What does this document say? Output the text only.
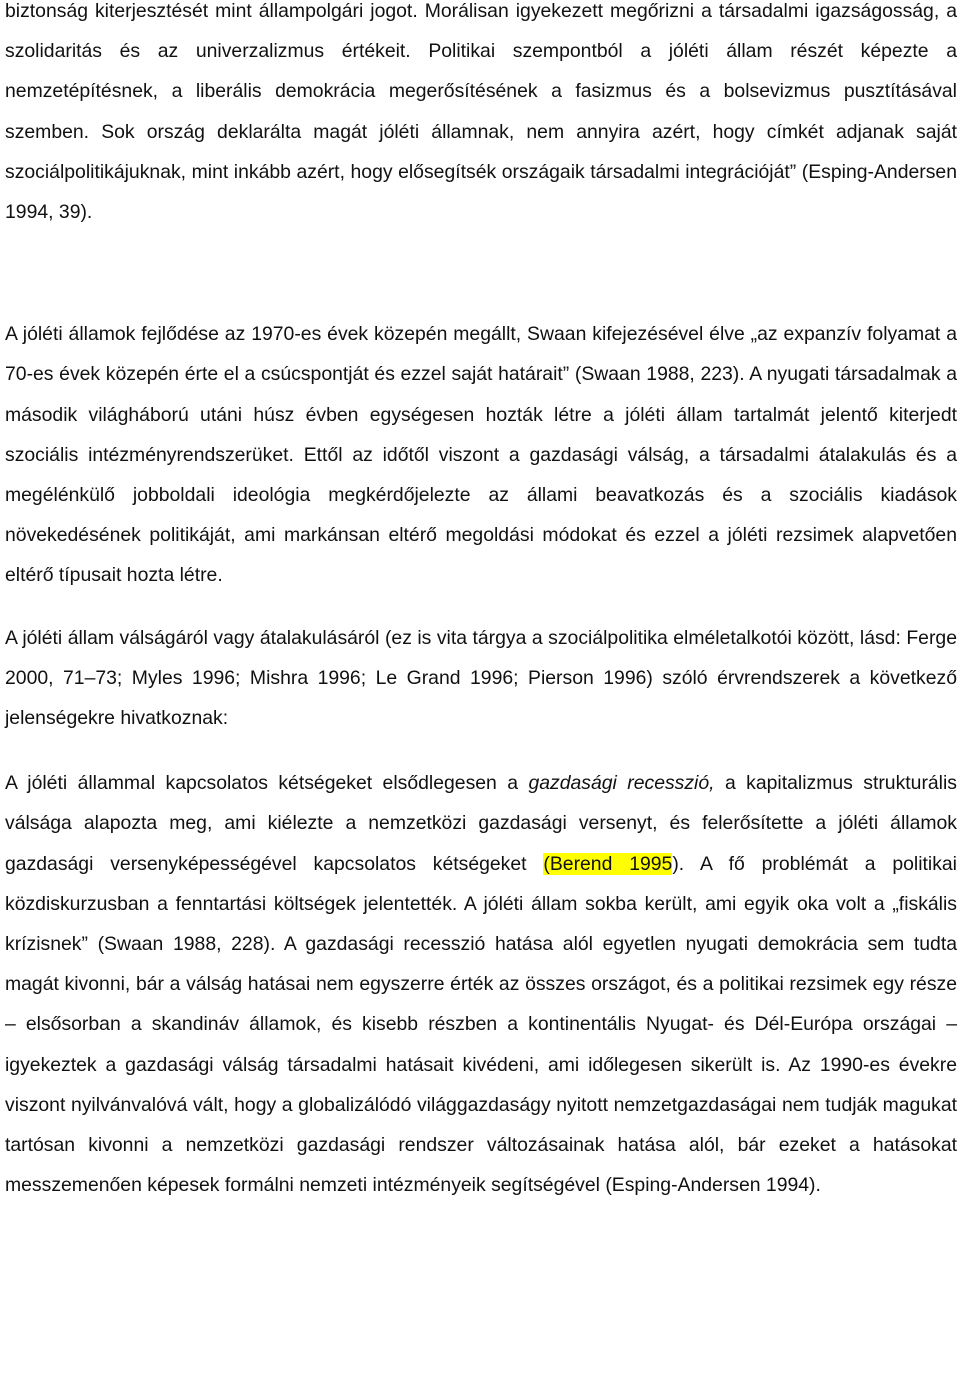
biztonság kiterjesztését mint állampolgári jogot. Morálisan igyekezett megőrizni a társadalmi igazságosság, a szolidaritás és az univerzalizmus értékeit. Politikai szempontból a jóléti állam részét képezte a nemzetépítésnek, a liberális demokrácia megerősítésének a fasizmus és a bolsevizmus pusztításával szemben. Sok ország deklarálta magát jóléti államnak, nem annyira azért, hogy címkét adjanak saját szociálpolitikájuknak, mint inkább azért, hogy elősegítsék országaik társadalmi integrációját” (Esping-Andersen 1994, 39).

A jóléti államok fejlődése az 1970-es évek közepén megállt, Swaan kifejezésével élve „az expanzív folyamat a 70-es évek közepén érte el a csúcspontját és ezzel saját határait” (Swaan 1988, 223). A nyugati társadalmak a második világháború utáni húsz évben egységesen hozták létre a jóléti állam tartalmát jelentő kiterjedt szociális intézményrendszerüket. Ettől az időtől viszont a gazdasági válság, a társadalmi átalakulás és a megélénkülő jobboldali ideológia megkérdőjelezte az állami beavatkozás és a szociális kiadások növekedésének politikáját, ami markánsan eltérő megoldási módokat és ezzel a jóléti rezsimek alapvetően eltérő típusait hozta létre.

A jóléti állam válságáról vagy átalakulásáról (ez is vita tárgya a szociálpolitika elméletalkotói között, lásd: Ferge 2000, 71–73; Myles 1996; Mishra 1996; Le Grand 1996; Pierson 1996) szóló érvrendszerek a következő jelenségekre hivatkoznak:

A jóléti állammal kapcsolatos kétségeket elsődlegesen a gazdasági recesszió, a kapitalizmus strukturális válsága alapozta meg, ami kiélezte a nemzetközi gazdasági versenyt, és felerősítette a jóléti államok gazdasági versenyképességével kapcsolatos kétségeket (Berend 1995). A fő problémát a politikai közdiskurzusban a fenntartási költségek jelentették. A jóléti állam sokba került, ami egyik oka volt a „fiskális krízisnek” (Swaan 1988, 228). A gazdasági recesszió hatása alól egyetlen nyugati demokrácia sem tudta magát kivonni, bár a válság hatásai nem egyszerre érték az összes országot, és a politikai rezsimek egy része – elsősorban a skandináv államok, és kisebb részben a kontinentális Nyugat- és Dél-Európa országai – igyekeztek a gazdasági válság társadalmi hatásait kivédeni, ami időlegesen sikerült is. Az 1990-es évekre viszont nyilvánvalóvá vált, hogy a globalizálódó világgazdaságy nyitott nemzetgazdaságai nem tudják magukat tartósan kivonni a nemzetközi gazdasági rendszer változásainak hatása alól, bár ezeket a hatásokat messzemenően képesek formálni nemzeti intézményeik segítségével (Esping-Andersen 1994).
